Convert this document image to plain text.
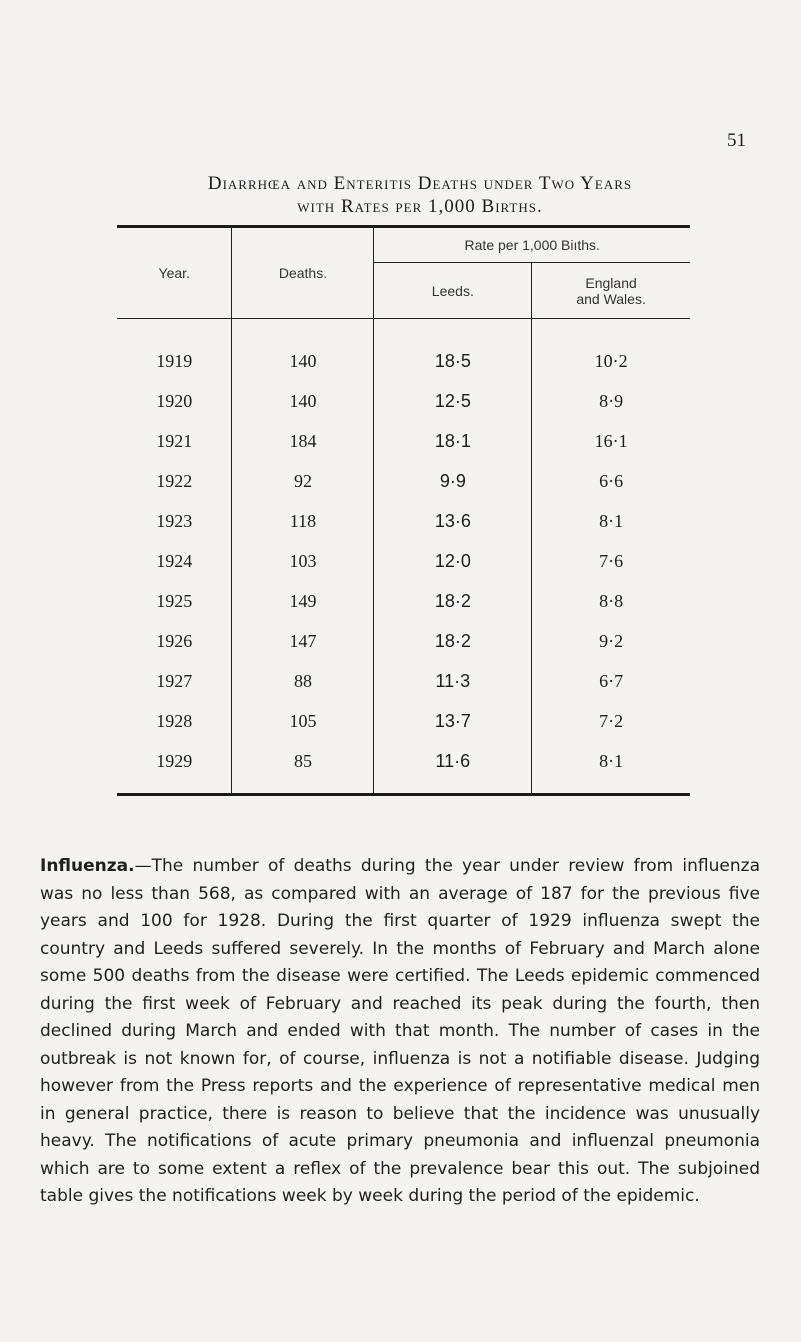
51
Diarrhœa and Enteritis Deaths under Two Years
with Rates per 1,000 Births.
Year.	Deaths.	Rate per 1,000 Biıths.	
		Leeds.	England
and Wales.

1919	140	18·5	10·2
1920	140	12·5	8·9
1921	184	18·1	16·1
1922	92	9·9	6·6
1923	118	13·6	8·1
1924	103	12·0	7·6
1925	149	18·2	8·8
1926	147	18·2	9·2
1927	88	11·3	6·7
1928	105	13·7	7·2
1929	85	11·6	8·1
Influenza.—The number of deaths during the year under review from influenza was no less than 568, as compared with an average of 187 for the previous five years and 100 for 1928. During the first quarter of 1929 influenza swept the country and Leeds suffered severely. In the months of February and March alone some 500 deaths from the disease were certified. The Leeds epidemic commenced during the first week of February and reached its peak during the fourth, then declined during March and ended with that month. The number of cases in the outbreak is not known for, of course, influenza is not a notifiable disease. Judging however from the Press reports and the experience of representative medical men in general practice, there is reason to believe that the incidence was unusually heavy. The notifications of acute primary pneumonia and influenzal pneumonia which are to some extent a reflex of the prevalence bear this out. The subjoined table gives the notifications week by week during the period of the epidemic.
